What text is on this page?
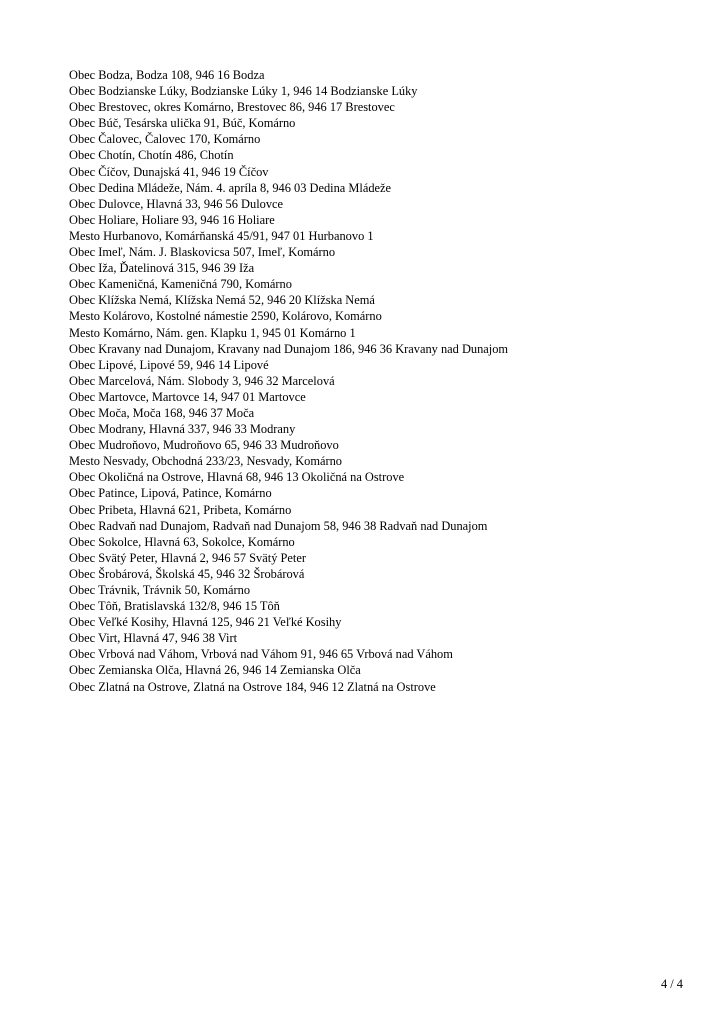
Obec Bodza, Bodza 108, 946 16 Bodza
Obec Bodzianske Lúky, Bodzianske Lúky 1, 946 14 Bodzianske Lúky
Obec Brestovec, okres Komárno, Brestovec 86, 946 17 Brestovec
Obec Búč, Tesárska ulička 91, Búč, Komárno
Obec Čalovec, Čalovec 170, Komárno
Obec Chotín, Chotín 486, Chotín
Obec Číčov, Dunajská 41, 946 19 Číčov
Obec Dedina Mládeže, Nám. 4. apríla 8, 946 03 Dedina Mládeže
Obec Dulovce, Hlavná 33, 946 56 Dulovce
Obec Holiare, Holiare 93, 946 16 Holiare
Mesto Hurbanovo, Komárňanská 45/91, 947 01 Hurbanovo 1
Obec Imeľ, Nám. J. Blaskovicsa 507, Imeľ, Komárno
Obec Iža, Ďatelinová 315, 946 39 Iža
Obec Kameničná, Kameničná 790, Komárno
Obec Klížska Nemá, Klížska Nemá 52, 946 20 Klížska Nemá
Mesto Kolárovo, Kostolné námestie 2590, Kolárovo, Komárno
Mesto Komárno, Nám. gen. Klapku 1, 945 01 Komárno 1
Obec Kravany nad Dunajom, Kravany nad Dunajom 186, 946 36 Kravany nad Dunajom
Obec Lipové, Lipové 59, 946 14 Lipové
Obec Marcelová, Nám. Slobody 3, 946 32 Marcelová
Obec Martovce, Martovce 14, 947 01 Martovce
Obec Moča, Moča 168, 946 37 Moča
Obec Modrany, Hlavná 337, 946 33 Modrany
Obec Mudroňovo, Mudroňovo 65, 946 33 Mudroňovo
Mesto Nesvady, Obchodná 233/23, Nesvady, Komárno
Obec Okoličná na Ostrove, Hlavná 68, 946 13 Okoličná na Ostrove
Obec Patince, Lipová, Patince, Komárno
Obec Pribeta, Hlavná 621, Pribeta, Komárno
Obec Radvaň nad Dunajom, Radvaň nad Dunajom 58, 946 38 Radvaň nad Dunajom
Obec Sokolce, Hlavná 63, Sokolce, Komárno
Obec Svätý Peter, Hlavná 2, 946 57 Svätý Peter
Obec Šrobárová, Školská 45, 946 32 Šrobárová
Obec Trávnik, Trávnik 50, Komárno
Obec Tôň, Bratislavská 132/8, 946 15 Tôň
Obec Veľké Kosihy, Hlavná 125, 946 21 Veľké Kosihy
Obec Virt, Hlavná 47, 946 38 Virt
Obec Vrbová nad Váhom, Vrbová nad Váhom 91, 946 65 Vrbová nad Váhom
Obec Zemianska Olča, Hlavná 26, 946 14 Zemianska Olča
Obec Zlatná na Ostrove, Zlatná na Ostrove 184, 946 12 Zlatná na Ostrove
4 / 4
